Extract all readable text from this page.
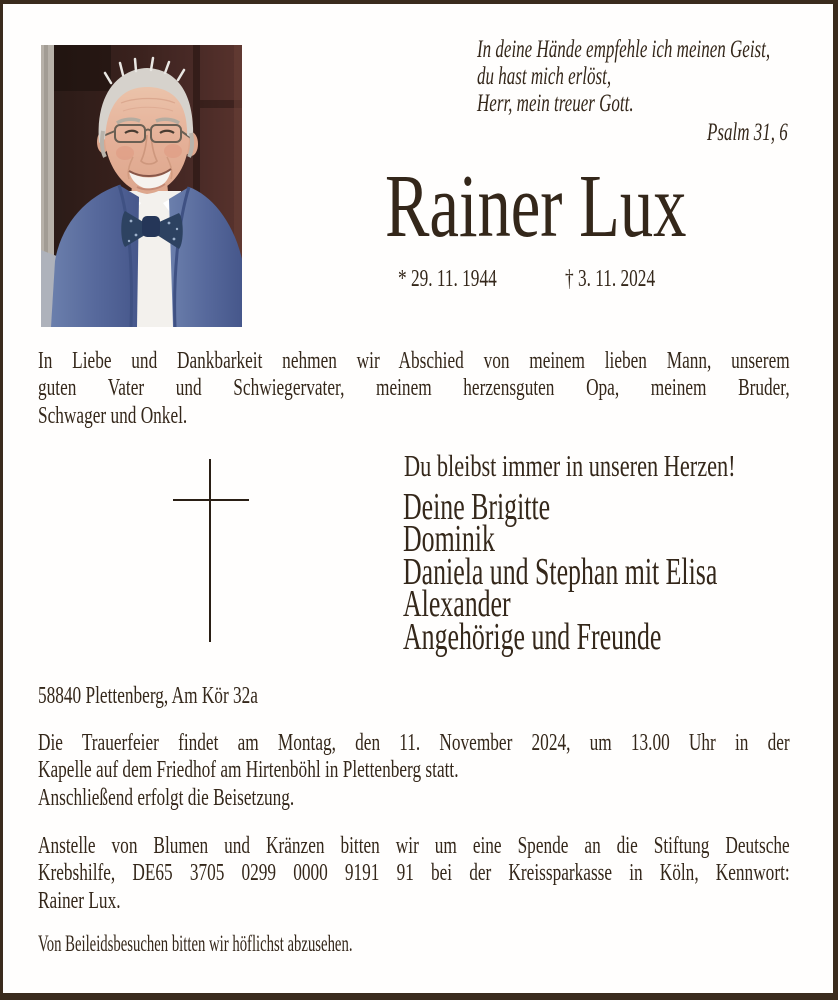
In deine Hände empfehle ich meinen Geist,
du hast mich erlöst,
Herr, mein treuer Gott.
Psalm 31, 6
Rainer Lux
* 29. 11. 1944	† 3. 11. 2024
In Liebe und Dankbarkeit nehmen wir Abschied von meinem lieben Mann, unserem
guten Vater und Schwiegervater, meinem herzensguten Opa, meinem Bruder,
Schwager und Onkel.
Du bleibst immer in unseren Herzen!
Deine Brigitte
Dominik
Daniela und Stephan mit Elisa
Alexander
Angehörige und Freunde
58840 Plettenberg, Am Kör 32a
Die Trauerfeier findet am Montag, den 11. November 2024, um 13.00 Uhr in der
Kapelle auf dem Friedhof am Hirtenböhl in Plettenberg statt.
Anschließend erfolgt die Beisetzung.
Anstelle von Blumen und Kränzen bitten wir um eine Spende an die Stiftung Deutsche
Krebshilfe, DE65 3705 0299 0000 9191 91 bei der Kreissparkasse in Köln, Kennwort:
Rainer Lux.
Von Beileidsbesuchen bitten wir höflichst abzusehen.
